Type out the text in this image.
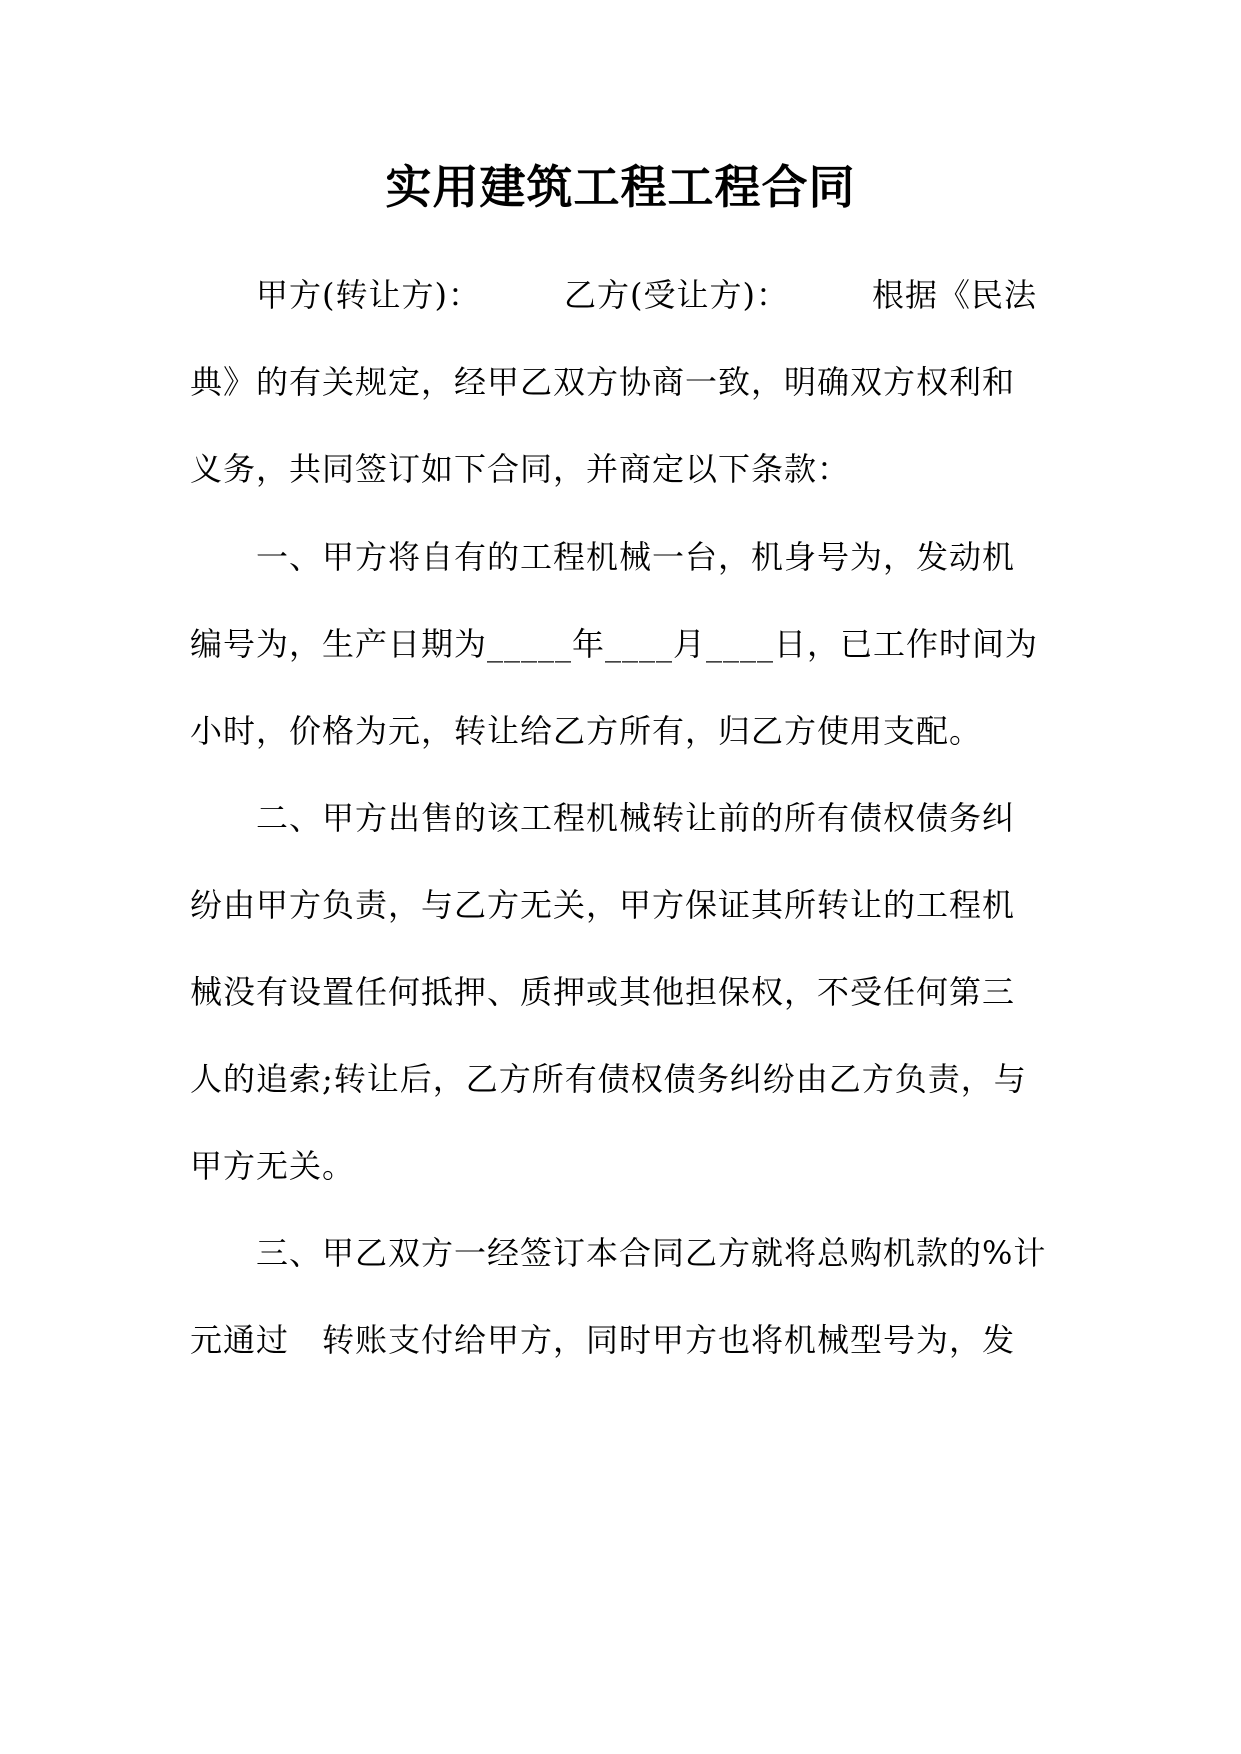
实用建筑工程工程合同
甲方(转让方)：　　　乙方(受让方)：　　　根据《民法
典》的有关规定，经甲乙双方协商一致，明确双方权利和
义务，共同签订如下合同，并商定以下条款：
一、甲方将自有的工程机械一台，机身号为，发动机
编号为，生产日期为_____年____月____日，已工作时间为
小时，价格为元，转让给乙方所有，归乙方使用支配。
二、甲方出售的该工程机械转让前的所有债权债务纠
纷由甲方负责，与乙方无关，甲方保证其所转让的工程机
械没有设置任何抵押、质押或其他担保权，不受任何第三
人的追索;转让后，乙方所有债权债务纠纷由乙方负责，与
甲方无关。
三、甲乙双方一经签订本合同乙方就将总购机款的%计
元通过　转账支付给甲方，同时甲方也将机械型号为，发
